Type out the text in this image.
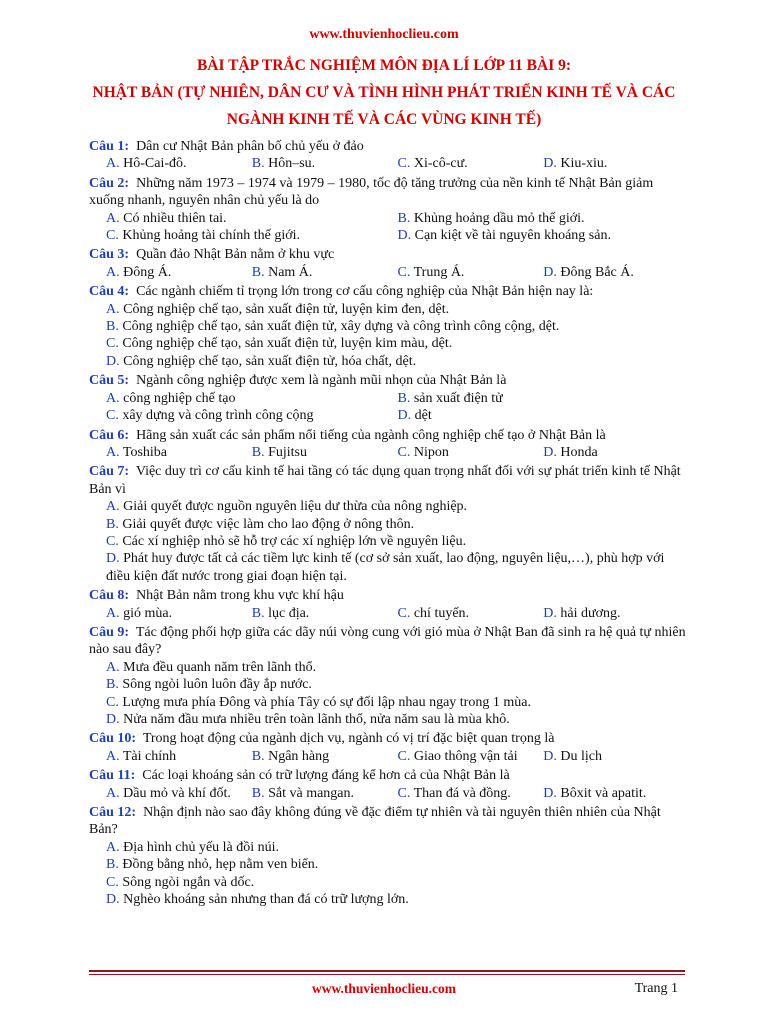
www.thuvienhoclieu.com
BÀI TẬP TRẮC NGHIỆM MÔN ĐỊA LÍ LỚP 11 BÀI 9:
NHẬT BẢN (TỰ NHIÊN, DÂN CƯ VÀ TÌNH HÌNH PHÁT TRIỂN KINH TẾ VÀ CÁC
NGÀNH KINH TẾ VÀ CÁC VÙNG KINH TẾ)
Câu 1: Dân cư Nhật Bản phân bố chủ yếu ở đảo
A. Hô-Cai-đô.	B. Hôn–su.	C. Xi-cô-cư.	D. Kiu-xiu.
Câu 2: Những năm 1973 – 1974 và 1979 – 1980, tốc độ tăng trưởng của nền kinh tế Nhật Bản giảm xuống nhanh, nguyên nhân chủ yếu là do
A. Có nhiều thiên tai.	B. Khủng hoảng dầu mỏ thế giới.
C. Khủng hoảng tài chính thế giới.	D. Cạn kiệt về tài nguyên khoáng sản.
Câu 3: Quần đảo Nhật Bản nằm ở khu vực
A. Đông Á.	B. Nam Á.	C. Trung Á.	D. Đông Bắc Á.
Câu 4: Các ngành chiếm tỉ trọng lớn trong cơ cấu công nghiệp của Nhật Bản hiện nay là:
A. Công nghiệp chế tạo, sản xuất điện tử, luyện kim đen, dệt.
B. Công nghiệp chế tạo, sản xuất điện tử, xây dựng và công trình công cộng, dệt.
C. Công nghiệp chế tạo, sản xuất điện tử, luyện kim màu, dệt.
D. Công nghiệp chế tạo, sản xuất điện tử, hóa chất, dệt.
Câu 5: Ngành công nghiệp được xem là ngành mũi nhọn của Nhật Bản là
A. công nghiệp chế tạo	B. sản xuất điện tử
C. xây dựng và công trình công cộng	D. dệt
Câu 6: Hãng sản xuất các sản phẩm nổi tiếng của ngành công nghiệp chế tạo ở Nhật Bản là
A. Toshiba	B. Fujitsu	C. Nipon	D. Honda
Câu 7: Việc duy trì cơ cấu kinh tế hai tầng có tác dụng quan trọng nhất đối với sự phát triển kinh tế Nhật Bản vì
A. Giải quyết được nguồn nguyên liệu dư thừa của nông nghiệp.
B. Giải quyết được việc làm cho lao động ở nông thôn.
C. Các xí nghiệp nhỏ sẽ hỗ trợ các xí nghiệp lớn về nguyên liệu.
D. Phát huy được tất cả các tiềm lực kinh tế (cơ sở sản xuất, lao động, nguyên liệu,…), phù hợp với điều kiện đất nước trong giai đoạn hiện tại.
Câu 8: Nhật Bản nằm trong khu vực khí hậu
A. gió mùa.	B. lục địa.	C. chí tuyến.	D. hải dương.
Câu 9: Tác động phối hợp giữa các dãy núi vòng cung với gió mùa ở Nhật Ban đã sinh ra hệ quả tự nhiên nào sau đây?
A. Mưa đều quanh năm trên lãnh thổ.
B. Sông ngòi luôn luôn đầy ắp nước.
C. Lượng mưa phía Đông và phía Tây có sự đối lập nhau ngay trong 1 mùa.
D. Nửa năm đầu mưa nhiều trên toàn lãnh thổ, nửa năm sau là mùa khô.
Câu 10: Trong hoạt động của ngành dịch vụ, ngành có vị trí đặc biệt quan trọng là
A. Tài chính	B. Ngân hàng	C. Giao thông vận tải	D. Du lịch
Câu 11: Các loại khoáng sản có trữ lượng đáng kể hơn cả của Nhật Bản là
A. Dầu mỏ và khí đốt.	B. Sắt và mangan.	C. Than đá và đồng.	D. Bôxit và apatit.
Câu 12: Nhận định nào sao đây không đúng về đặc điểm tự nhiên và tài nguyên thiên nhiên của Nhật Bản?
A. Địa hình chủ yếu là đồi núi.
B. Đồng bằng nhỏ, hẹp nằm ven biển.
C. Sông ngòi ngắn và dốc.
D. Nghèo khoáng sản nhưng than đá có trữ lượng lớn.
www.thuvienhoclieu.com	Trang 1
